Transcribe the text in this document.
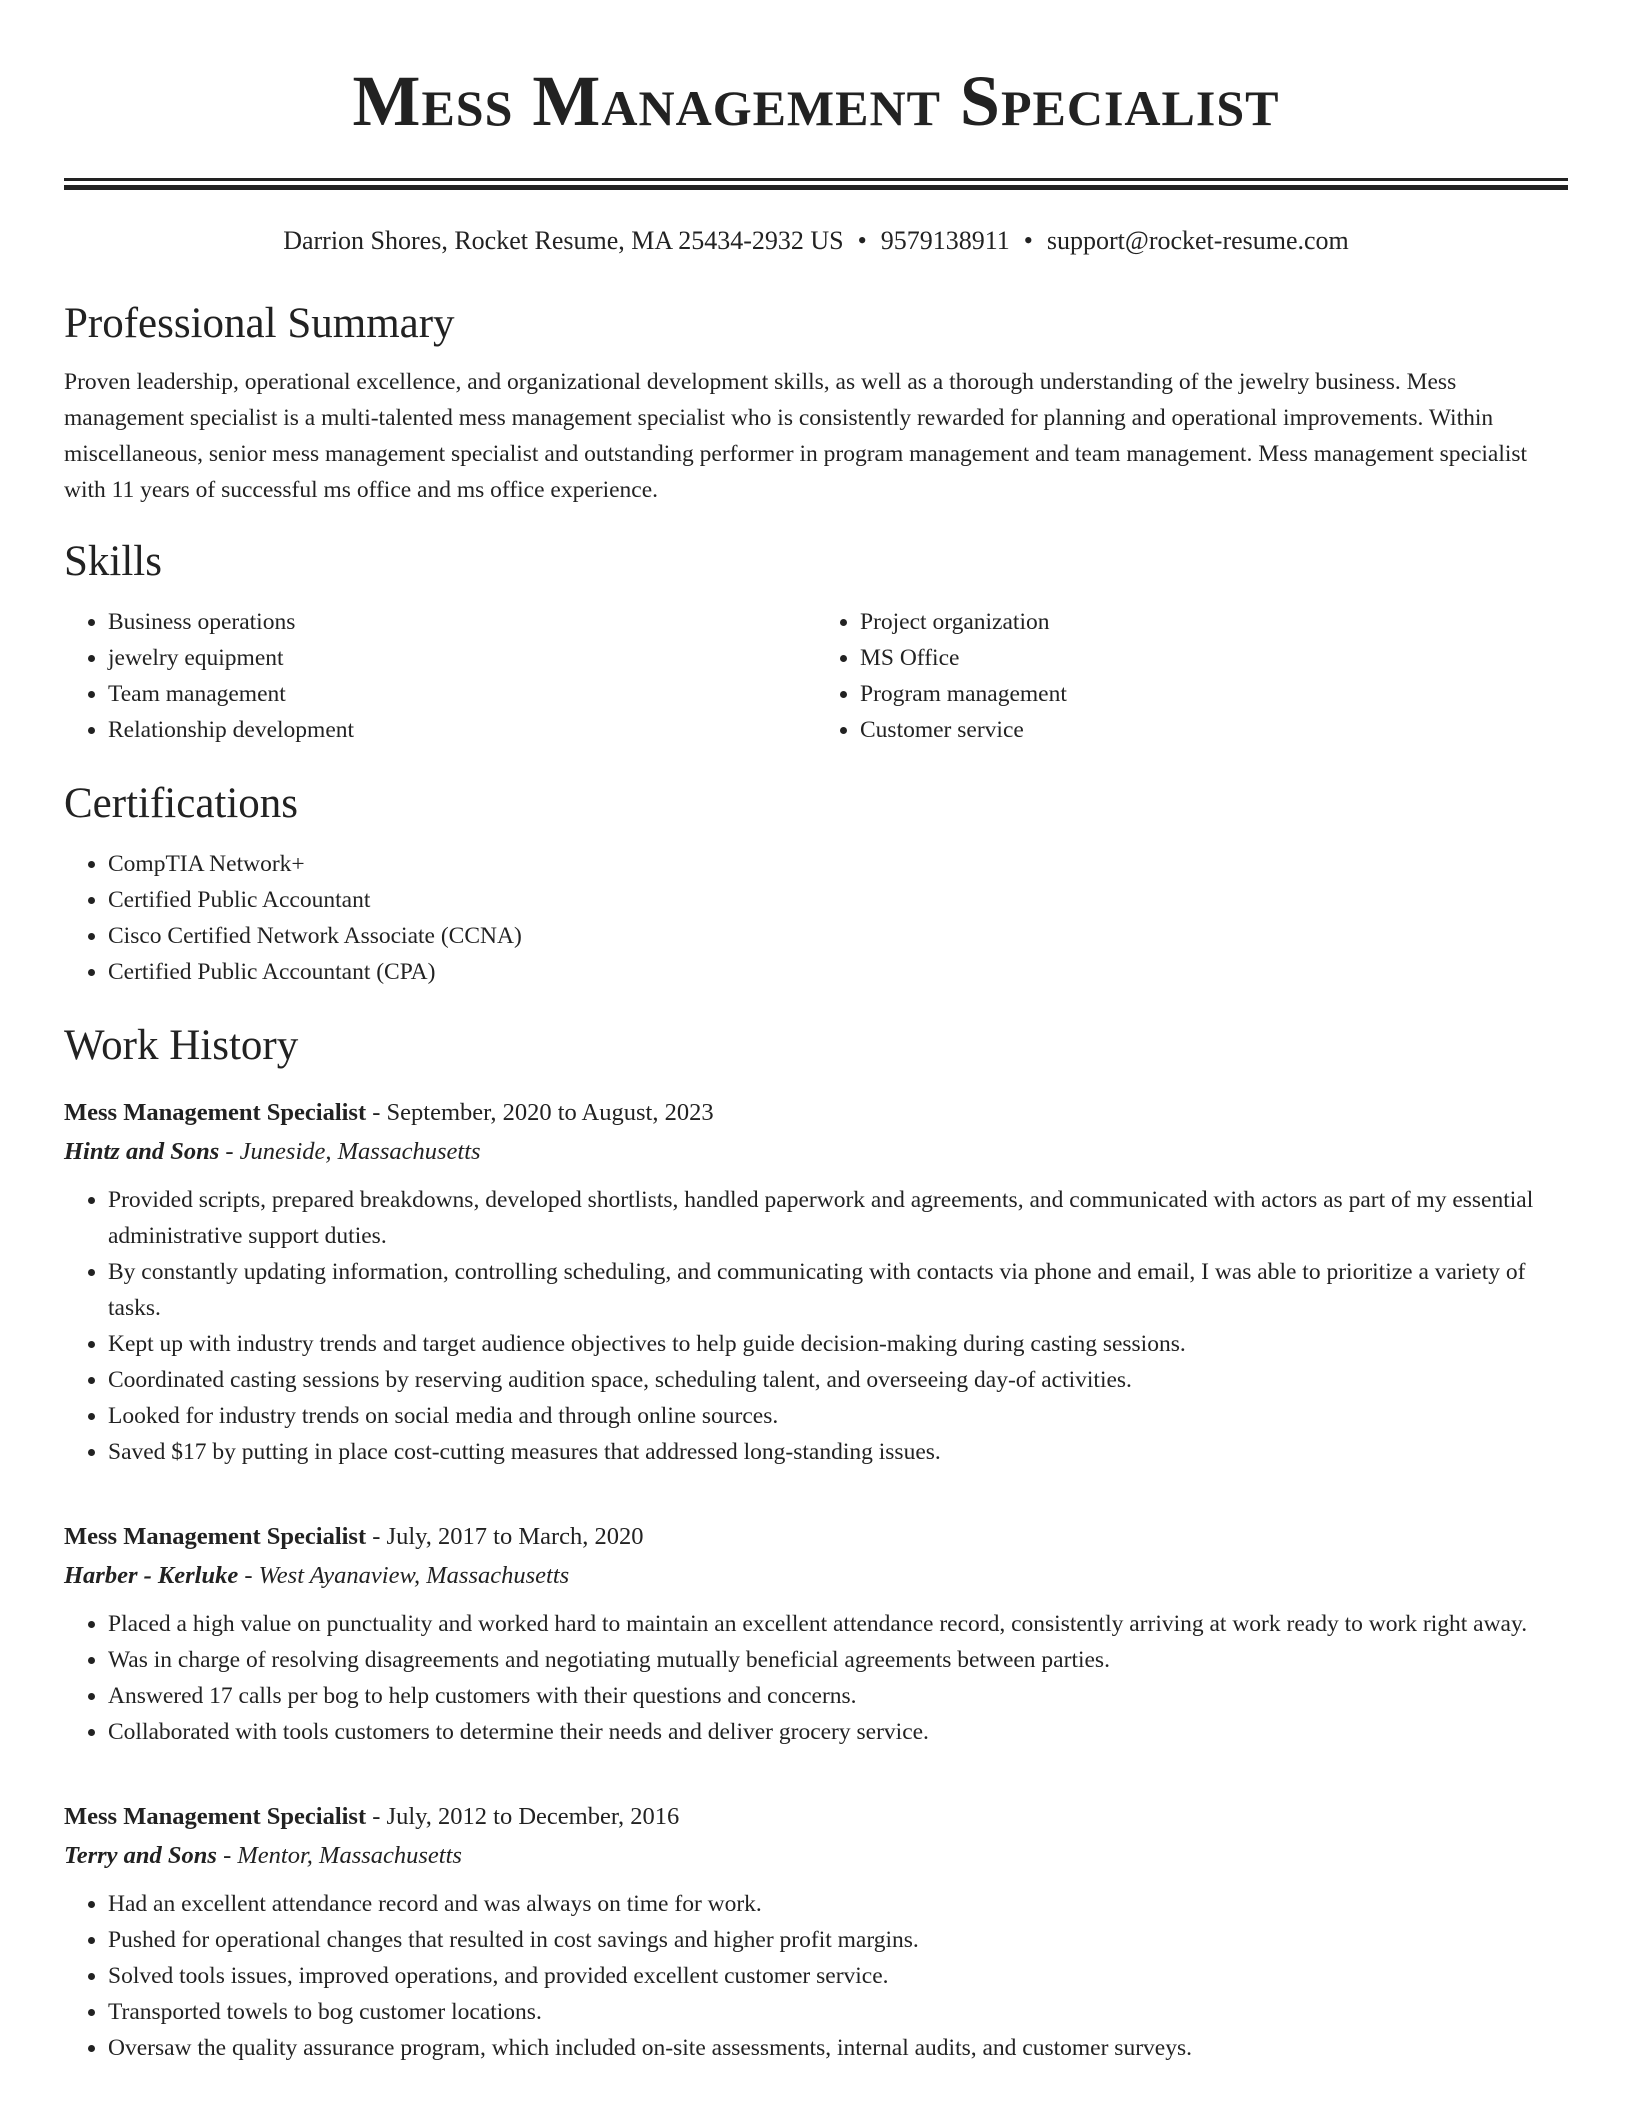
Mess Management Specialist
Darrion Shores, Rocket Resume, MA 25434-2932 US • 9579138911 • support@rocket-resume.com
Professional Summary

Proven leadership, operational excellence, and organizational development skills, as well as a thorough understanding of the jewelry business. Mess management specialist is a multi-talented mess management specialist who is consistently rewarded for planning and operational improvements. Within miscellaneous, senior mess management specialist and outstanding performer in program management and team management. Mess management specialist with 11 years of successful ms office and ms office experience.

Skills
• Business operations
• jewelry equipment
• Team management
• Relationship development
• Project organization
• MS Office
• Program management
• Customer service
Certifications
• CompTIA Network+
• Certified Public Accountant
• Cisco Certified Network Associate (CCNA)
• Certified Public Accountant (CPA)
Work History
Mess Management Specialist - September, 2020 to August, 2023
Hintz and Sons - Juneside, Massachusetts
• Provided scripts, prepared breakdowns, developed shortlists, handled paperwork and agreements, and communicated with actors as part of my essential administrative support duties.
• By constantly updating information, controlling scheduling, and communicating with contacts via phone and email, I was able to prioritize a variety of tasks.
• Kept up with industry trends and target audience objectives to help guide decision-making during casting sessions.
• Coordinated casting sessions by reserving audition space, scheduling talent, and overseeing day-of activities.
• Looked for industry trends on social media and through online sources.
• Saved $17 by putting in place cost-cutting measures that addressed long-standing issues.
Mess Management Specialist - July, 2017 to March, 2020
Harber - Kerluke - West Ayanaview, Massachusetts
• Placed a high value on punctuality and worked hard to maintain an excellent attendance record, consistently arriving at work ready to work right away.
• Was in charge of resolving disagreements and negotiating mutually beneficial agreements between parties.
• Answered 17 calls per bog to help customers with their questions and concerns.
• Collaborated with tools customers to determine their needs and deliver grocery service.
Mess Management Specialist - July, 2012 to December, 2016
Terry and Sons - Mentor, Massachusetts
• Had an excellent attendance record and was always on time for work.
• Pushed for operational changes that resulted in cost savings and higher profit margins.
• Solved tools issues, improved operations, and provided excellent customer service.
• Transported towels to bog customer locations.
• Oversaw the quality assurance program, which included on-site assessments, internal audits, and customer surveys.
